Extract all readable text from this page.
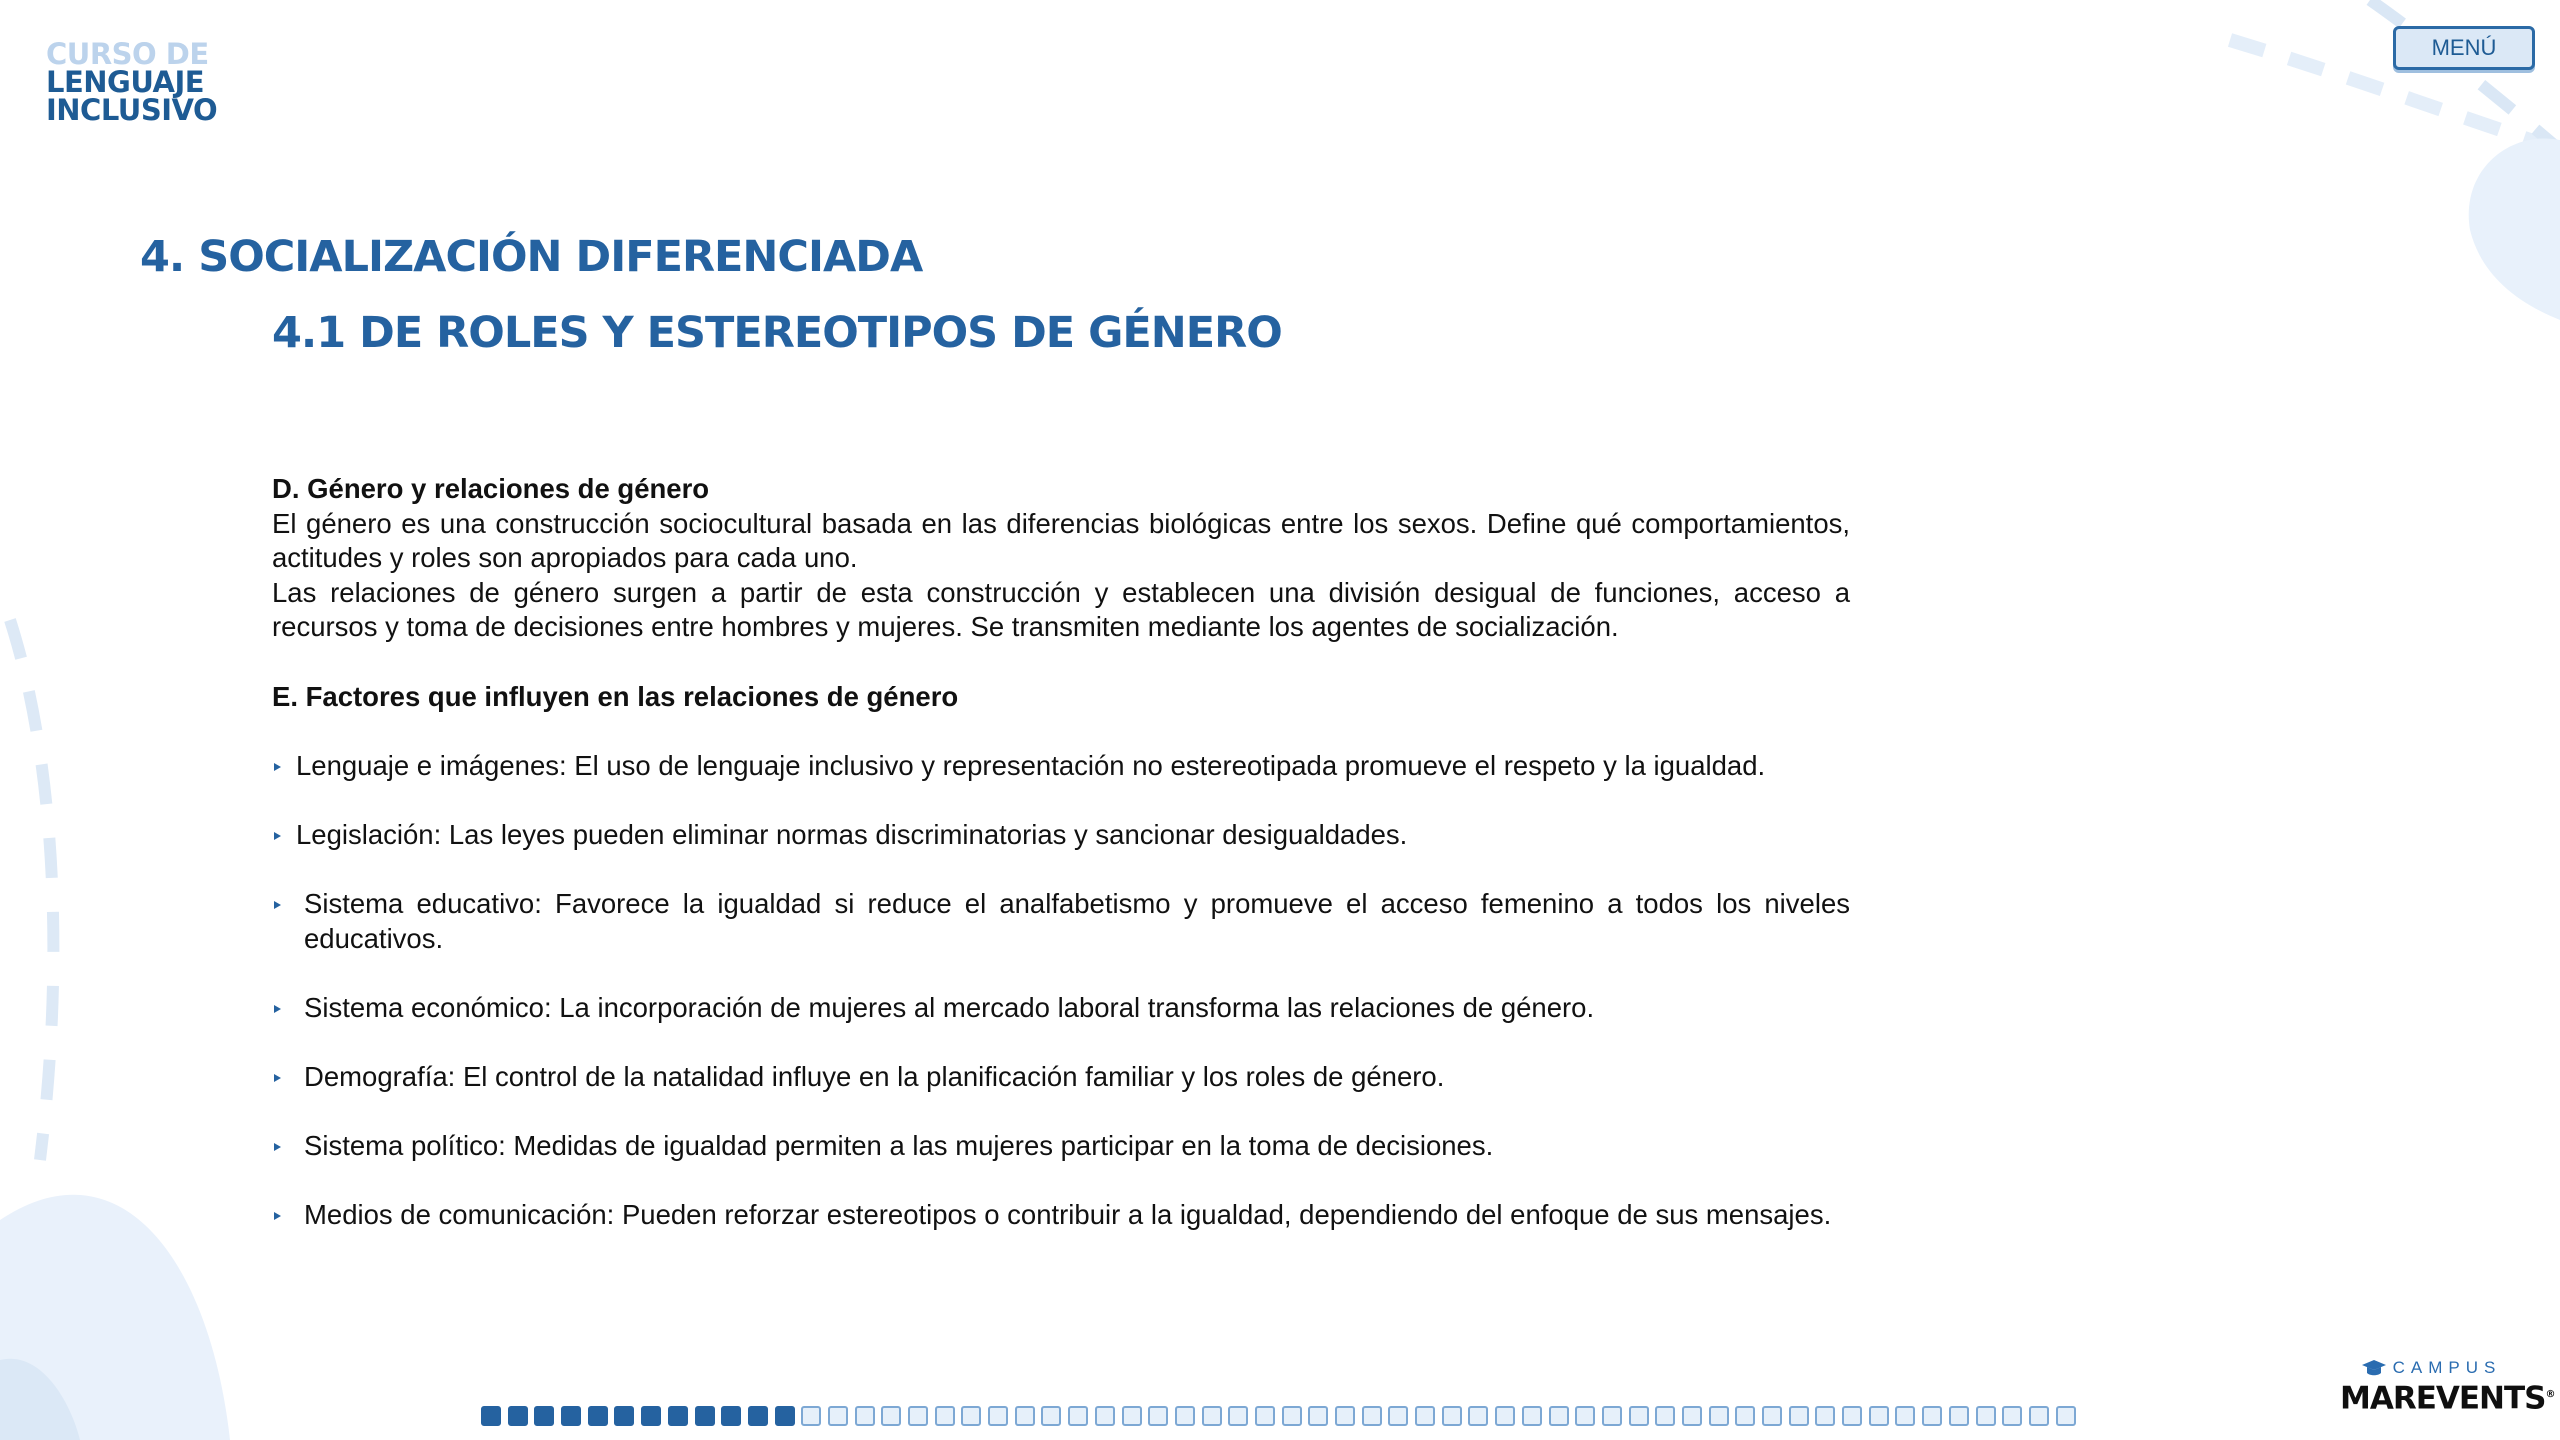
CURSO DE
LENGUAJE
INCLUSIVO
MENÚ
4. SOCIALIZACIÓN DIFERENCIADA
4.1 DE ROLES Y ESTEREOTIPOS DE GÉNERO

D. Género y relaciones de género

El género es una construcción sociocultural basada en las diferencias biológicas entre los sexos. Define qué comportamientos, actitudes y roles son apropiados para cada uno.

Las relaciones de género surgen a partir de esta construcción y establecen una división desigual de funciones, acceso a recursos y toma de decisiones entre hombres y mujeres. Se transmiten mediante los agentes de socialización.

E. Factores que influyen en las relaciones de género

Lenguaje e imágenes: El uso de lenguaje inclusivo y representación no estereotipada promueve el respeto y la igualdad.
Legislación: Las leyes pueden eliminar normas discriminatorias y sancionar desigualdades.
Sistema educativo: Favorece la igualdad si reduce el analfabetismo y promueve el acceso femenino a todos los niveles educativos.
Sistema económico: La incorporación de mujeres al mercado laboral transforma las relaciones de género.
Demografía: El control de la natalidad influye en la planificación familiar y los roles de género.
Sistema político: Medidas de igualdad permiten a las mujeres participar en la toma de decisiones.
Medios de comunicación: Pueden reforzar estereotipos o contribuir a la igualdad, dependiendo del enfoque de sus mensajes.
CAMPUS
MAREVENTS®
